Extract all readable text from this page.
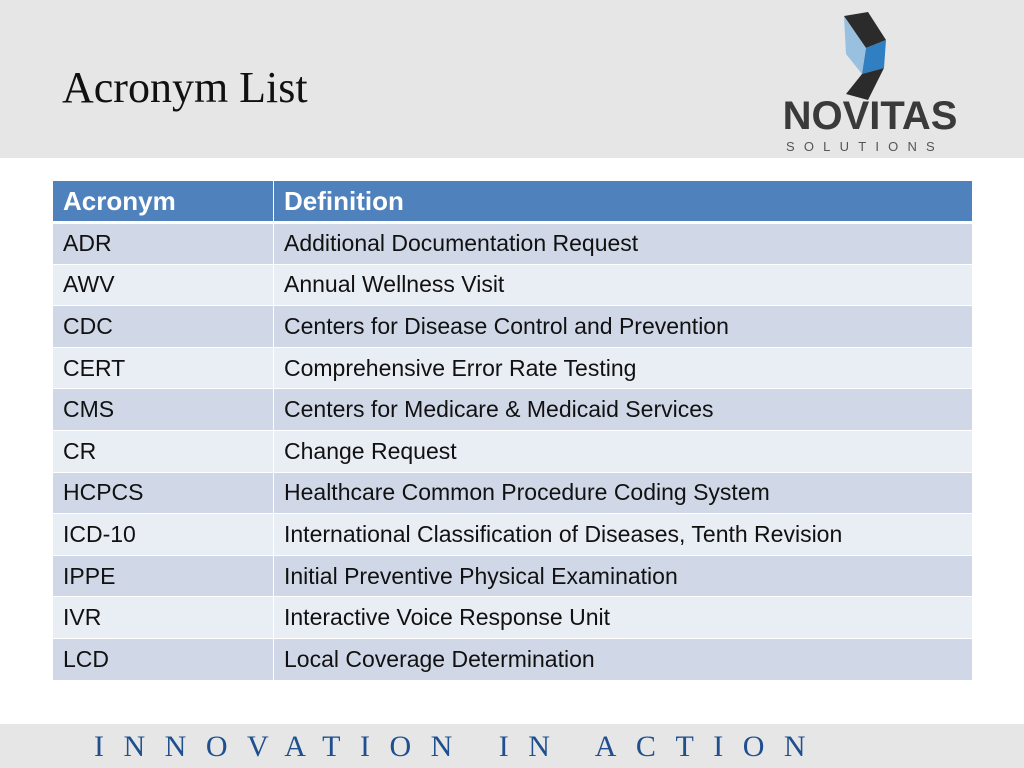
Acronym List
NOVITAS
SOLUTIONS
Acronym	Definition
ADR	Additional Documentation Request
AWV	Annual Wellness Visit
CDC	Centers for Disease Control and Prevention
CERT	Comprehensive Error Rate Testing
CMS	Centers for Medicare & Medicaid Services
CR	Change Request
HCPCS	Healthcare Common Procedure Coding System
ICD-10	International Classification of Diseases, Tenth Revision
IPPE	Initial Preventive Physical Examination
IVR	Interactive Voice Response Unit
LCD	Local Coverage Determination

INNOVATION IN ACTION
